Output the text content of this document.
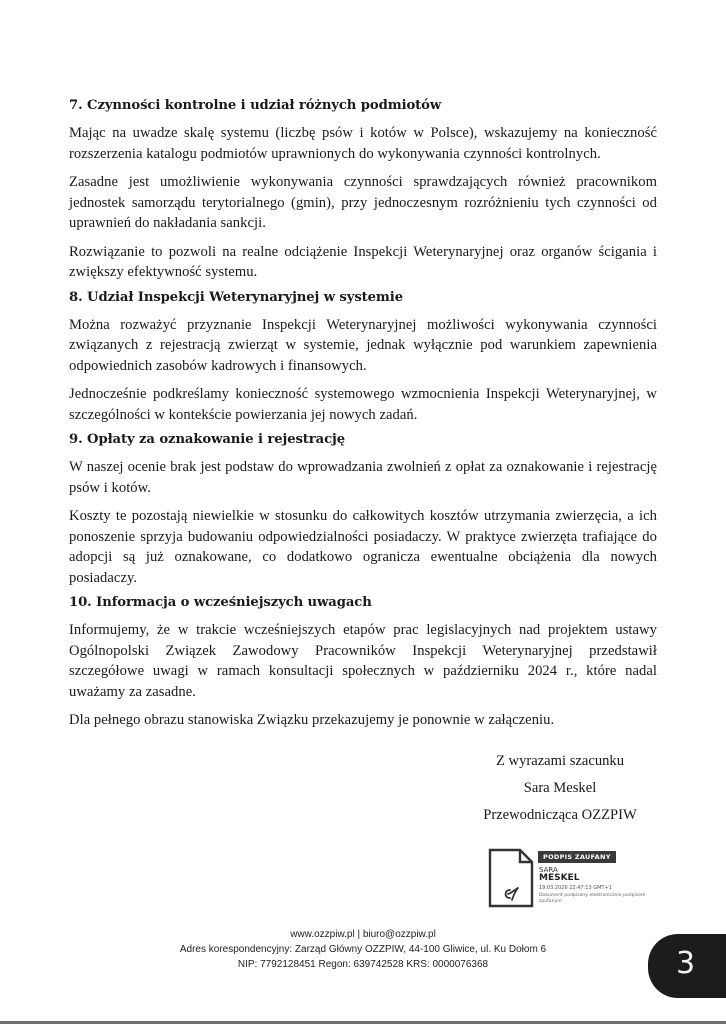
7. Czynności kontrolne i udział różnych podmiotów

Mając na uwadze skalę systemu (liczbę psów i kotów w Polsce), wskazujemy na konieczność rozszerzenia katalogu podmiotów uprawnionych do wykonywania czynności kontrolnych.

Zasadne jest umożliwienie wykonywania czynności sprawdzających również pracownikom jednostek samorządu terytorialnego (gmin), przy jednoczesnym rozróżnieniu tych czynności od uprawnień do nakładania sankcji.

Rozwiązanie to pozwoli na realne odciążenie Inspekcji Weterynaryjnej oraz organów ścigania i zwiększy efektywność systemu.

8. Udział Inspekcji Weterynaryjnej w systemie

Można rozważyć przyznanie Inspekcji Weterynaryjnej możliwości wykonywania czynności związanych z rejestracją zwierząt w systemie, jednak wyłącznie pod warunkiem zapewnienia odpowiednich zasobów kadrowych i finansowych.

Jednocześnie podkreślamy konieczność systemowego wzmocnienia Inspekcji Weterynaryjnej, w szczególności w kontekście powierzania jej nowych zadań.

9. Opłaty za oznakowanie i rejestrację

W naszej ocenie brak jest podstaw do wprowadzania zwolnień z opłat za oznakowanie i rejestrację psów i kotów.

Koszty te pozostają niewielkie w stosunku do całkowitych kosztów utrzymania zwierzęcia, a ich ponoszenie sprzyja budowaniu odpowiedzialności posiadaczy. W praktyce zwierzęta trafiające do adopcji są już oznakowane, co dodatkowo ogranicza ewentualne obciążenia dla nowych posiadaczy.

10. Informacja o wcześniejszych uwagach

Informujemy, że w trakcie wcześniejszych etapów prac legislacyjnych nad projektem ustawy Ogólnopolski Związek Zawodowy Pracowników Inspekcji Weterynaryjnej przedstawił szczegółowe uwagi w ramach konsultacji społecznych w październiku 2024 r., które nadal uważamy za zasadne.

Dla pełnego obrazu stanowiska Związku przekazujemy je ponownie w załączeniu.

Z wyrazami szacunku
Sara Meskel
Przewodnicząca OZZPIW
PODPIS ZAUFANY
SARA
MESKEL
19.03.2026 22:47:13 GMT+1
Dokument podpisany elektronicznie podpisem zaufanym
www.ozzpiw.pl | biuro@ozzpiw.pl
Adres korespondencyjny: Zarząd Główny OZZPIW, 44-100 Gliwice, ul. Ku Dołom 6
NIP: 7792128451 Regon: 639742528 KRS: 0000076368	3
